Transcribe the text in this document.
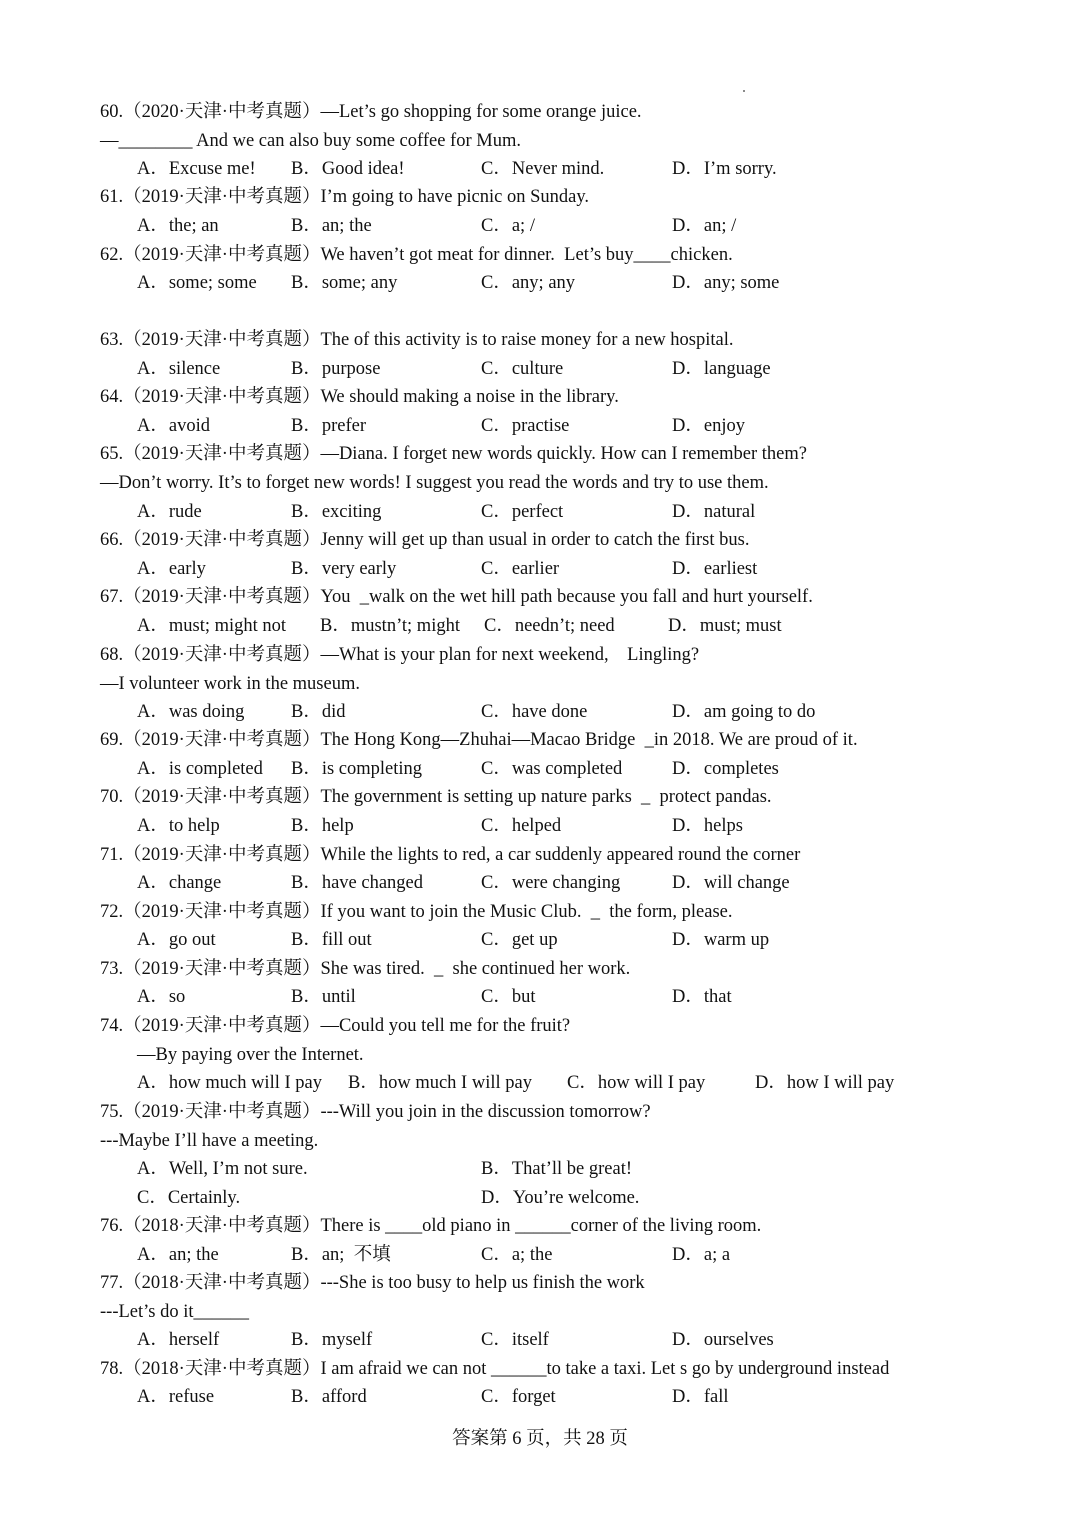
60.（2020·天津·中考真题）—Let’s go shopping for some orange juice.
—________ And we can also buy some coffee for Mum.
A．Excuse me! B．Good idea!	C．Never mind.	D．I’m sorry.
61.（2019·天津·中考真题）I’m going to have picnic on Sunday.
A．the; an	B．an; the	C．a; /	D．an; /
62.（2019·天津·中考真题）We haven’t got meat for dinner.  Let’s buy____chicken.
A．some; some B．some; any	C．any; any	D．any; some
63.（2019·天津·中考真题）The of this activity is to raise money for a new hospital.
A．silence	B．purpose	C．culture	D．language
64.（2019·天津·中考真题）We should making a noise in the library.
A．avoid	B．prefer	C．practise	D．enjoy
65.（2019·天津·中考真题）—Diana. I forget new words quickly. How can I remember them?
—Don’t worry. It’s to forget new words! I suggest you read the words and try to use them.
A．rude	B．exciting	C．perfect	D．natural
66.（2019·天津·中考真题）Jenny will get up than usual in order to catch the first bus.
A．early	B．very early	C．earlier	D．earliest
67.（2019·天津·中考真题）You  _walk on the wet hill path because you fall and hurt yourself.
A．must; might not B．mustn’t; might C．needn’t; need	D．must; must
68.（2019·天津·中考真题）—What is your plan for next weekend,    Lingling?
—I volunteer work in the museum.
A．was doing	B．did	C．have done	D．am going to do
69.（2019·天津·中考真题）The Hong Kong—Zhuhai—Macao Bridge  _in 2018. We are proud of it.
A．is completed B．is completing	C．was completed	D．completes
70.（2019·天津·中考真题）The government is setting up nature parks  _  protect pandas.
A．to help	B．help	C．helped	D．helps
71.（2019·天津·中考真题）While the lights to red, a car suddenly appeared round the corner
A．change	B．have changed	C．were changing	D．will change
72.（2019·天津·中考真题）If you want to join the Music Club.  _  the form, please.
A．go out	B．fill out	C．get up	D．warm up
73.（2019·天津·中考真题）She was tired.  _  she continued her work.
A．so	B．until	C．but	D．that
74.（2019·天津·中考真题）—Could you tell me for the fruit?
—By paying over the Internet.
A．how much will I pay B．how much I will pay C．how will I pay	D．how I will pay
75.（2019·天津·中考真题）---Will you join in the discussion tomorrow?
---Maybe I’ll have a meeting.
A．Well, I’m not sure.	B．That’ll be great!
C．Certainly.	D．You’re welcome.
76.（2018·天津·中考真题）There is ____old piano in ______corner of the living room.
A．an; the	B．an;  不填	C．a; the	D．a; a
77.（2018·天津·中考真题）---She is too busy to help us finish the work
---Let’s do it______
A．herself	B．myself	C．itself	D．ourselves
78.（2018·天津·中考真题）I am afraid we can not ______to take a taxi. Let s go by underground instead
A．refuse	B．afford	C．forget	D．fall
答案第 6 页，共 28 页
